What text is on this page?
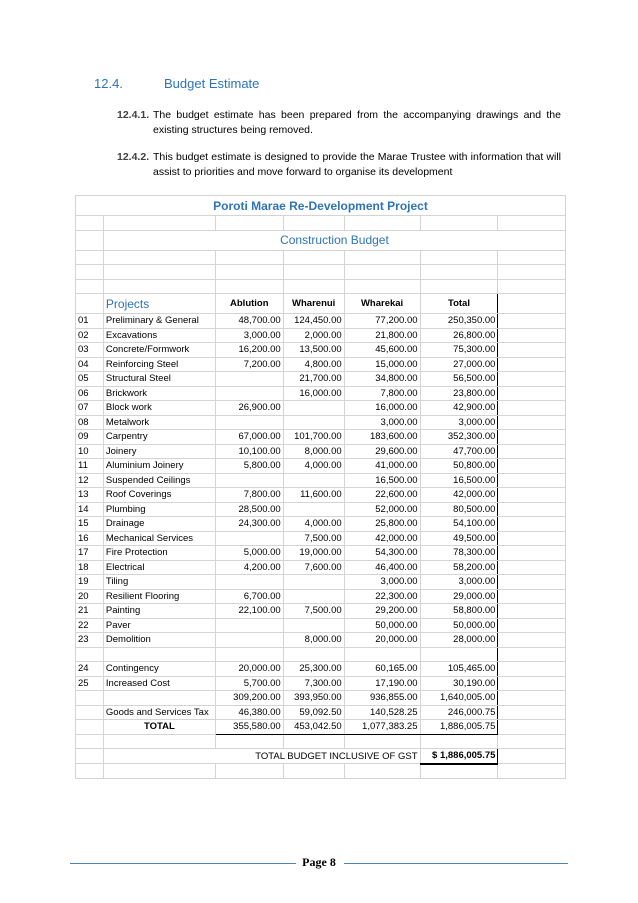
12.4.	Budget Estimate
12.4.1. The budget estimate has been prepared from the accompanying drawings and the existing structures being removed.
12.4.2. This budget estimate is designed to provide the Marae Trustee with information that will assist to priorities and move forward to organise its development
Poroti Marae Re-Development Project						

	Construction Budget					

	Projects	Ablution	Wharenui	Wharekai	Total	
01	Preliminary & General	48,700.00	124,450.00	77,200.00	250,350.00	
02	Excavations	3,000.00	2,000.00	21,800.00	26,800.00	
03	Concrete/Formwork	16,200.00	13,500.00	45,600.00	75,300.00	
04	Reinforcing Steel	7,200.00	4,800.00	15,000.00	27,000.00	
05	Structural Steel		21,700.00	34,800.00	56,500.00	
06	Brickwork		16,000.00	7,800.00	23,800.00	
07	Block work	26,900.00		16,000.00	42,900.00	
08	Metalwork			3,000.00	3,000.00	
09	Carpentry	67,000.00	101,700.00	183,600.00	352,300.00	
10	Joinery	10,100.00	8,000.00	29,600.00	47,700.00	
11	Aluminium Joinery	5,800.00	4,000.00	41,000.00	50,800.00	
12	Suspended Ceilings			16,500.00	16,500.00	
13	Roof Coverings	7,800.00	11,600.00	22,600.00	42,000.00	
14	Plumbing	28,500.00		52,000.00	80,500.00	
15	Drainage	24,300.00	4,000.00	25,800.00	54,100.00	
16	Mechanical Services		7,500.00	42,000.00	49,500.00	
17	Fire Protection	5,000.00	19,000.00	54,300.00	78,300.00	
18	Electrical	4,200.00	7,600.00	46,400.00	58,200.00	
19	Tiling			3,000.00	3,000.00	
20	Resilient Flooring	6,700.00		22,300.00	29,000.00	
21	Painting	22,100.00	7,500.00	29,200.00	58,800.00	
22	Paver			50,000.00	50,000.00	
23	Demolition		8,000.00	20,000.00	28,000.00	

24	Contingency	20,000.00	25,300.00	60,165.00	105,465.00	
25	Increased Cost	5,700.00	7,300.00	17,190.00	30,190.00	
		309,200.00	393,950.00	936,855.00	1,640,005.00	
	Goods and Services Tax	46,380.00	59,092.50	140,528.25	246,000.75	
	TOTAL	355,580.00	453,042.50	1,077,383.25	1,886,005.75	

	TOTAL BUDGET INCLUSIVE OF GST				$ 1,886,005.75	

Page 8
